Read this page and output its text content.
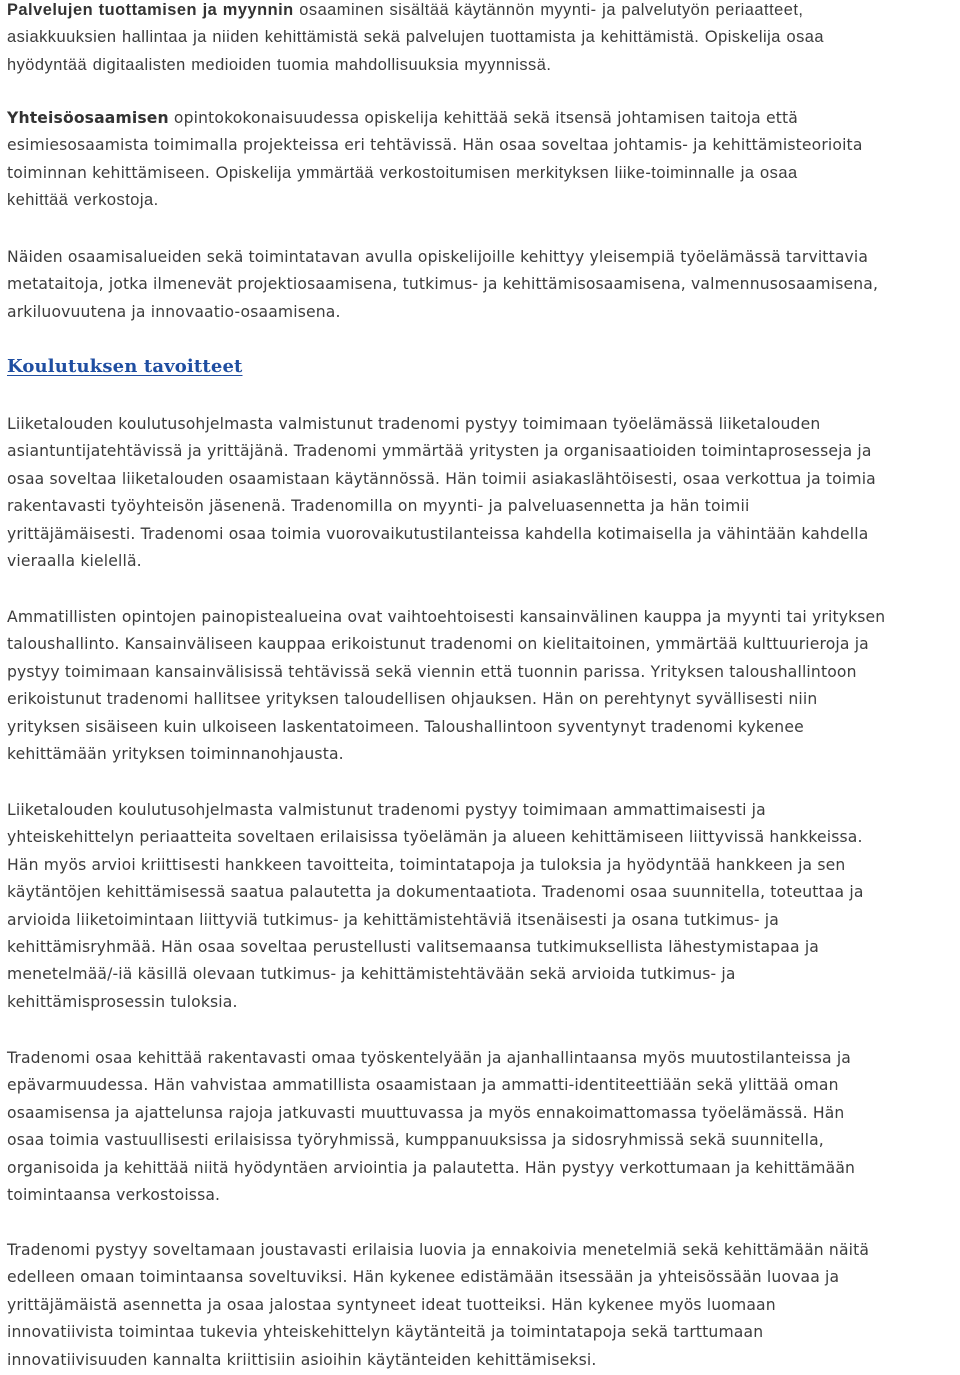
Palvelujen tuottamisen ja myynnin osaaminen sisältää käytännön myynti- ja palvelutyön periaatteet,
asiakkuuksien hallintaa ja niiden kehittämistä sekä palvelujen tuottamista ja kehittämistä. Opiskelija osaa
hyödyntää digitaalisten medioiden tuomia mahdollisuuksia myynnissä.

Yhteisöosaamisen opintokokonaisuudessa opiskelija kehittää sekä itsensä johtamisen taitoja että
esimiesosaamista toimimalla projekteissa eri tehtävissä. Hän osaa soveltaa johtamis- ja kehittämisteorioita
toiminnan kehittämiseen. Opiskelija ymmärtää verkostoitumisen merkityksen liike-toiminnalle ja osaa
kehittää verkostoja.

Näiden osaamisalueiden sekä toimintatavan avulla opiskelijoille kehittyy yleisempiä työelämässä tarvittavia
metataitoja, jotka ilmenevät projektiosaamisena, tutkimus- ja kehittämisosaamisena, valmennusosaamisena,
arkiluovuutena ja innovaatio-osaamisena.

Koulutuksen tavoitteet

Liiketalouden koulutusohjelmasta valmistunut tradenomi pystyy toimimaan työelämässä liiketalouden
asiantuntijatehtävissä ja yrittäjänä. Tradenomi ymmärtää yritysten ja organisaatioiden toimintaprosesseja ja
osaa soveltaa liiketalouden osaamistaan käytännössä. Hän toimii asiakaslähtöisesti, osaa verkottua ja toimia
rakentavasti työyhteisön jäsenenä. Tradenomilla on myynti- ja palveluasennetta ja hän toimii
yrittäjämäisesti. Tradenomi osaa toimia vuorovaikutustilanteissa kahdella kotimaisella ja vähintään kahdella
vieraalla kielellä.

Ammatillisten opintojen painopistealueina ovat vaihtoehtoisesti kansainvälinen kauppa ja myynti tai yrityksen
taloushallinto. Kansainväliseen kauppaa erikoistunut tradenomi on kielitaitoinen, ymmärtää kulttuurieroja ja
pystyy toimimaan kansainvälisissä tehtävissä sekä viennin että tuonnin parissa. Yrityksen taloushallintoon
erikoistunut tradenomi hallitsee yrityksen taloudellisen ohjauksen. Hän on perehtynyt syvällisesti niin
yrityksen sisäiseen kuin ulkoiseen laskentatoimeen. Taloushallintoon syventynyt tradenomi kykenee
kehittämään yrityksen toiminnanohjausta.

Liiketalouden koulutusohjelmasta valmistunut tradenomi pystyy toimimaan ammattimaisesti ja
yhteiskehittelyn periaatteita soveltaen erilaisissa työelämän ja alueen kehittämiseen liittyvissä hankkeissa.
Hän myös arvioi kriittisesti hankkeen tavoitteita, toimintatapoja ja tuloksia ja hyödyntää hankkeen ja sen
käytäntöjen kehittämisessä saatua palautetta ja dokumentaatiota. Tradenomi osaa suunnitella, toteuttaa ja
arvioida liiketoimintaan liittyviä tutkimus- ja kehittämistehtäviä itsenäisesti ja osana tutkimus- ja
kehittämisryhmää. Hän osaa soveltaa perustellusti valitsemaansa tutkimuksellista lähestymistapaa ja
menetelmää/-iä käsillä olevaan tutkimus- ja kehittämistehtävään sekä arvioida tutkimus- ja
kehittämisprosessin tuloksia.

Tradenomi osaa kehittää rakentavasti omaa työskentelyään ja ajanhallintaansa myös muutostilanteissa ja
epävarmuudessa. Hän vahvistaa ammatillista osaamistaan ja ammatti-identiteettiään sekä ylittää oman
osaamisensa ja ajattelunsa rajoja jatkuvasti muuttuvassa ja myös ennakoimattomassa työelämässä. Hän
osaa toimia vastuullisesti erilaisissa työryhmissä, kumppanuuksissa ja sidosryhmissä sekä suunnitella,
organisoida ja kehittää niitä hyödyntäen arviointia ja palautetta. Hän pystyy verkottumaan ja kehittämään
toimintaansa verkostoissa.

Tradenomi pystyy soveltamaan joustavasti erilaisia luovia ja ennakoivia menetelmiä sekä kehittämään näitä
edelleen omaan toimintaansa soveltuviksi. Hän kykenee edistämään itsessään ja yhteisössään luovaa ja
yrittäjämäistä asennetta ja osaa jalostaa syntyneet ideat tuotteiksi. Hän kykenee myös luomaan
innovatiivista toimintaa tukevia yhteiskehittelyn käytänteitä ja toimintatapoja sekä tarttumaan
innovatiivisuuden kannalta kriittisiin asioihin käytänteiden kehittämiseksi.
